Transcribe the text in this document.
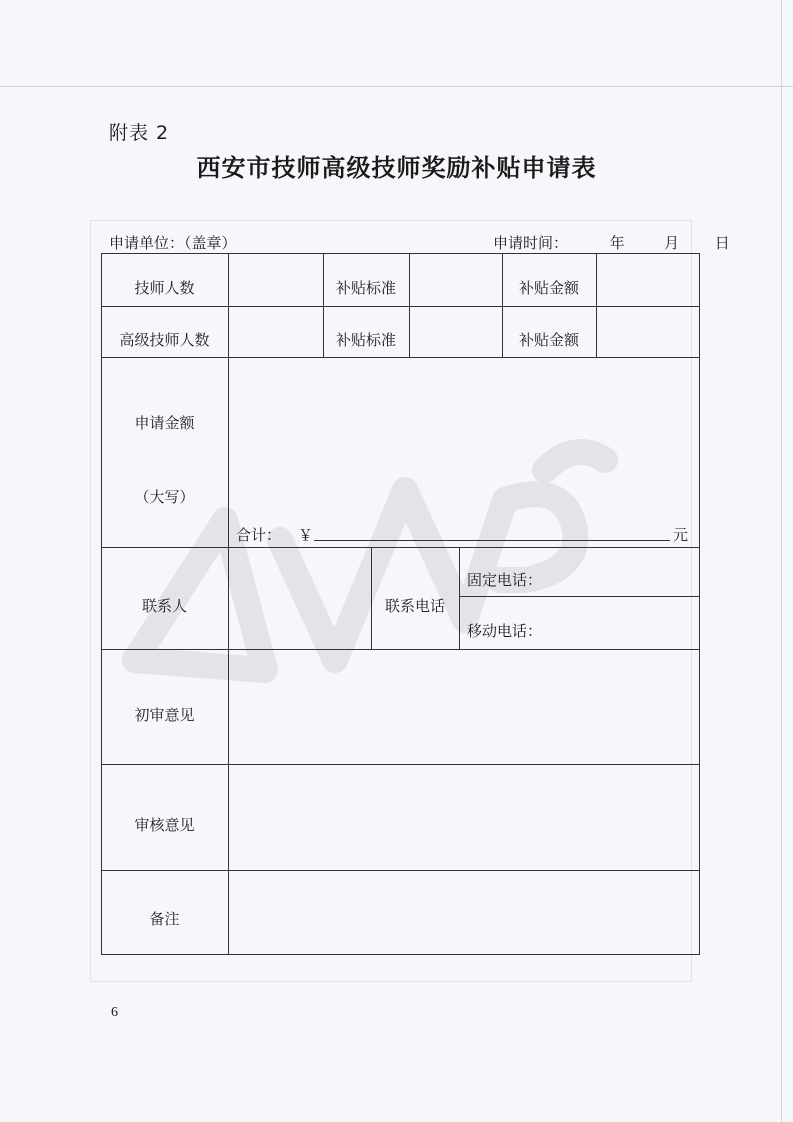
附表 2
西安市技师高级技师奖励补贴申请表
申请单位：（盖章）	申请时间：	年	月 日
技师人数	补贴标准	补贴金额
高级技师人数	补贴标准	补贴金额
申请金额
（大写）
合计： ￥	元
联系人	联系电话
固定电话：
移动电话：
初审意见
审核意见
备注
6
